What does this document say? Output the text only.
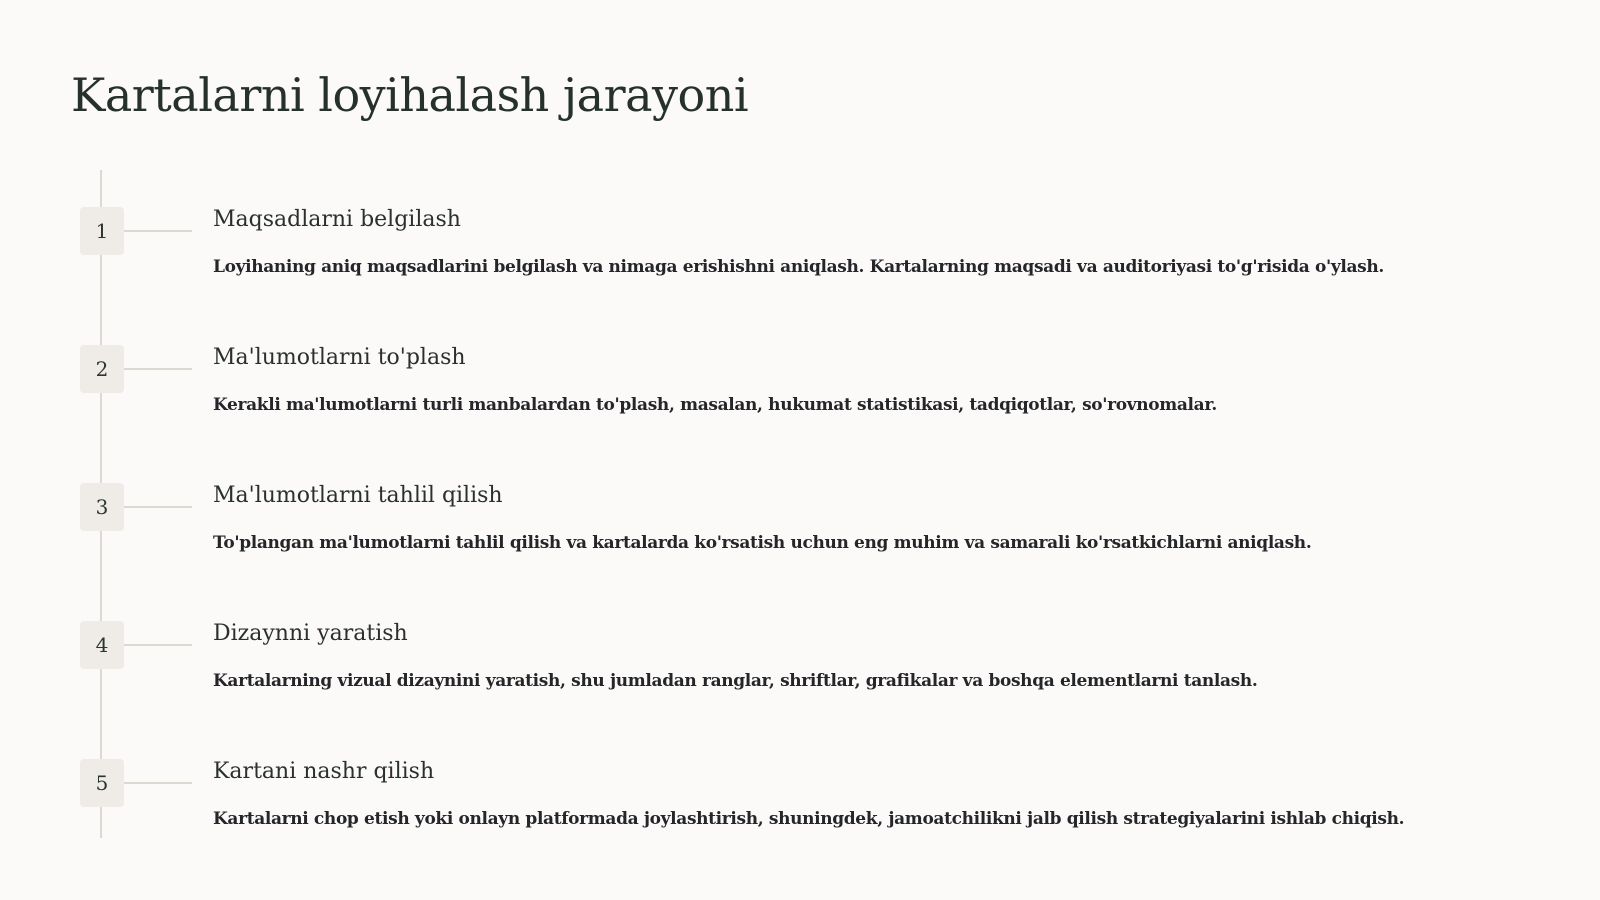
Kartalarni loyihalash jarayoni
1	Maqsadlarni belgilash

Loyihaning aniq maqsadlarini belgilash va nimaga erishishni aniqlash. Kartalarning maqsadi va auditoriyasi to'g'risida o'ylash.

2	Ma'lumotlarni to'plash

Kerakli ma'lumotlarni turli manbalardan to'plash, masalan, hukumat statistikasi, tadqiqotlar, so'rovnomalar.

3	Ma'lumotlarni tahlil qilish

To'plangan ma'lumotlarni tahlil qilish va kartalarda ko'rsatish uchun eng muhim va samarali ko'rsatkichlarni aniqlash.

4	Dizaynni yaratish

Kartalarning vizual dizaynini yaratish, shu jumladan ranglar, shriftlar, grafikalar va boshqa elementlarni tanlash.

5	Kartani nashr qilish

Kartalarni chop etish yoki onlayn platformada joylashtirish, shuningdek, jamoatchilikni jalb qilish strategiyalarini ishlab chiqish.
